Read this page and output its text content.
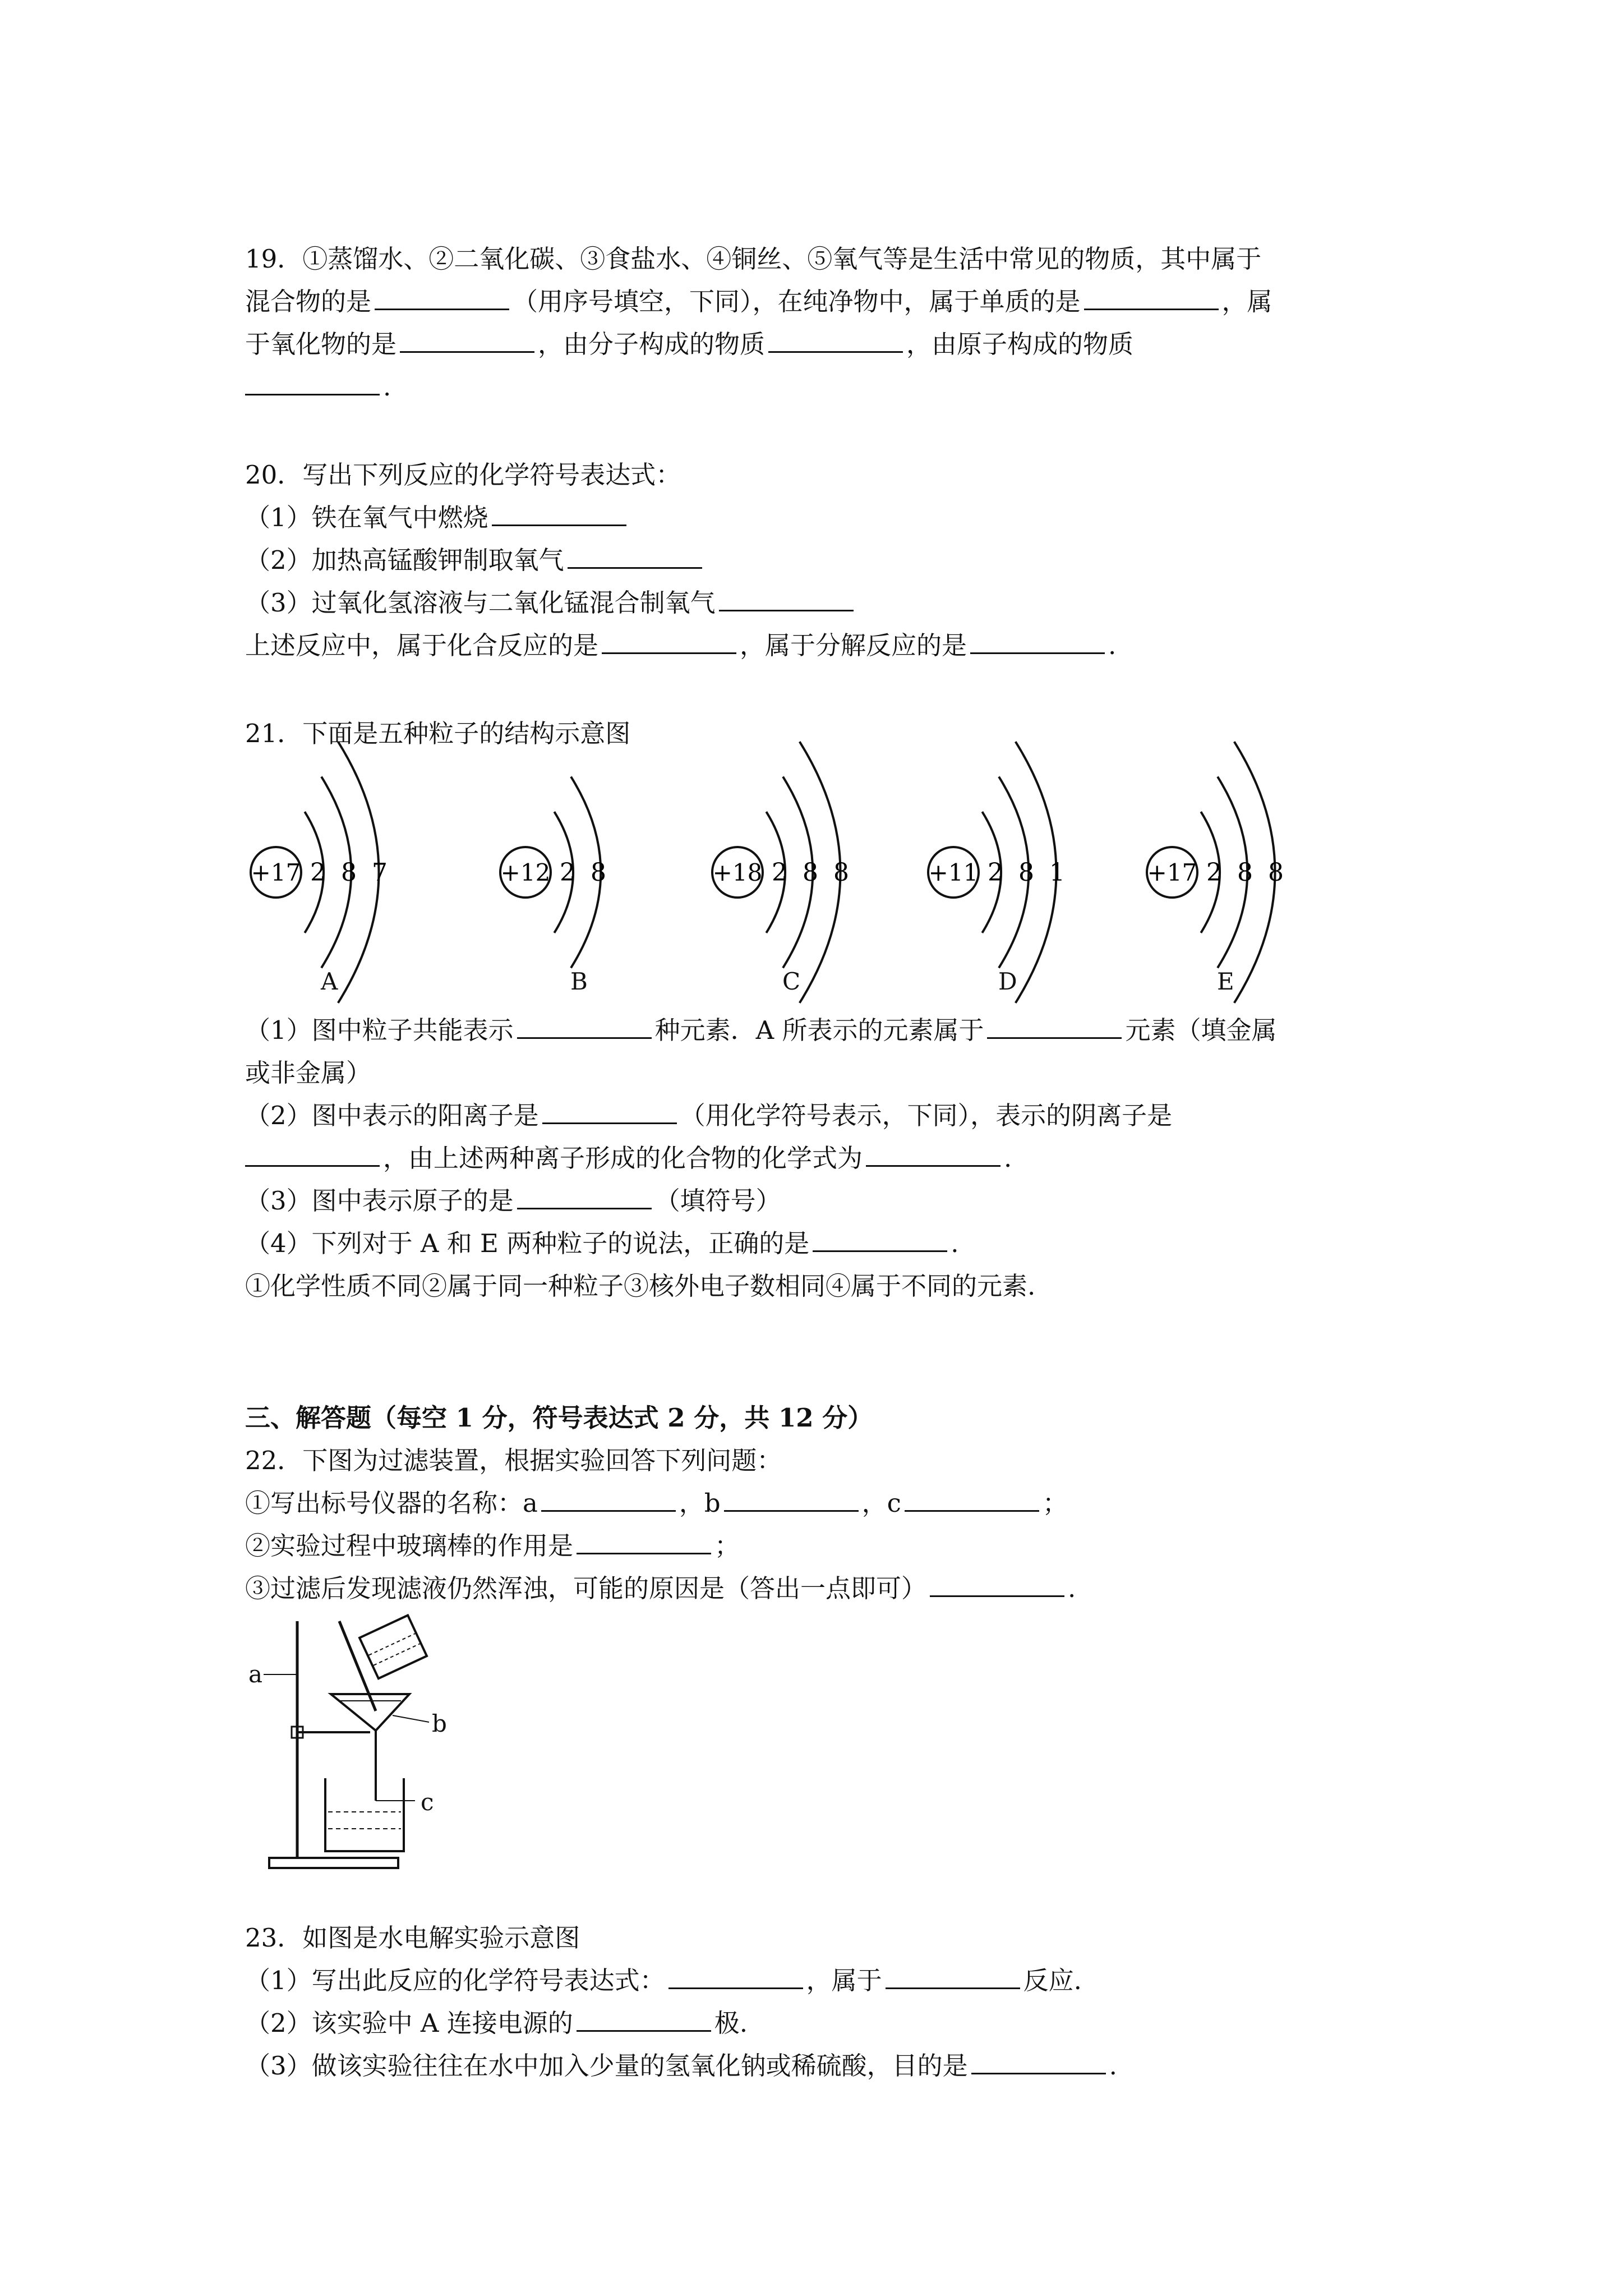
19．①蒸馏水、②二氧化碳、③食盐水、④铜丝、⑤氧气等是生活中常见的物质，其中属于
混合物的是	（用序号填空，下同），在纯净物中，属于单质的是	，属
于氧化物的是	，由分子构成的物质	，由原子构成的物质
.
20．写出下列反应的化学符号表达式：
（1）铁在氧气中燃烧
（2）加热高锰酸钾制取氧气
（3）过氧化氢溶液与二氧化锰混合制氧气
上述反应中，属于化合反应的是	，属于分解反应的是	.
21．下面是五种粒子的结构示意图
+17 2 8 7
A
+12 2 8
B
+18 2 8 8
C
+11 2 8 1
D
+17 2 8 8
E
（1）图中粒子共能表示	种元素．A 所表示的元素属于	元素（填金属
或非金属）
（2）图中表示的阳离子是	（用化学符号表示，下同），表示的阴离子是
，由上述两种离子形成的化合物的化学式为	.
（3）图中表示原子的是	（填符号）
（4）下列对于 A 和 E 两种粒子的说法，正确的是	.
①化学性质不同②属于同一种粒子③核外电子数相同④属于不同的元素.
三、解答题（每空 1 分，符号表达式 2 分，共 12 分）
22．下图为过滤装置，根据实验回答下列问题：
①写出标号仪器的名称：a	，b	，c	；
②实验过程中玻璃棒的作用是	；
③过滤后发现滤液仍然浑浊，可能的原因是（答出一点即可）	.
a
b
c
23．如图是水电解实验示意图
（1）写出此反应的化学符号表达式：	，属于	反应.
（2）该实验中 A 连接电源的	极.
（3）做该实验往往在水中加入少量的氢氧化钠或稀硫酸，目的是	.
